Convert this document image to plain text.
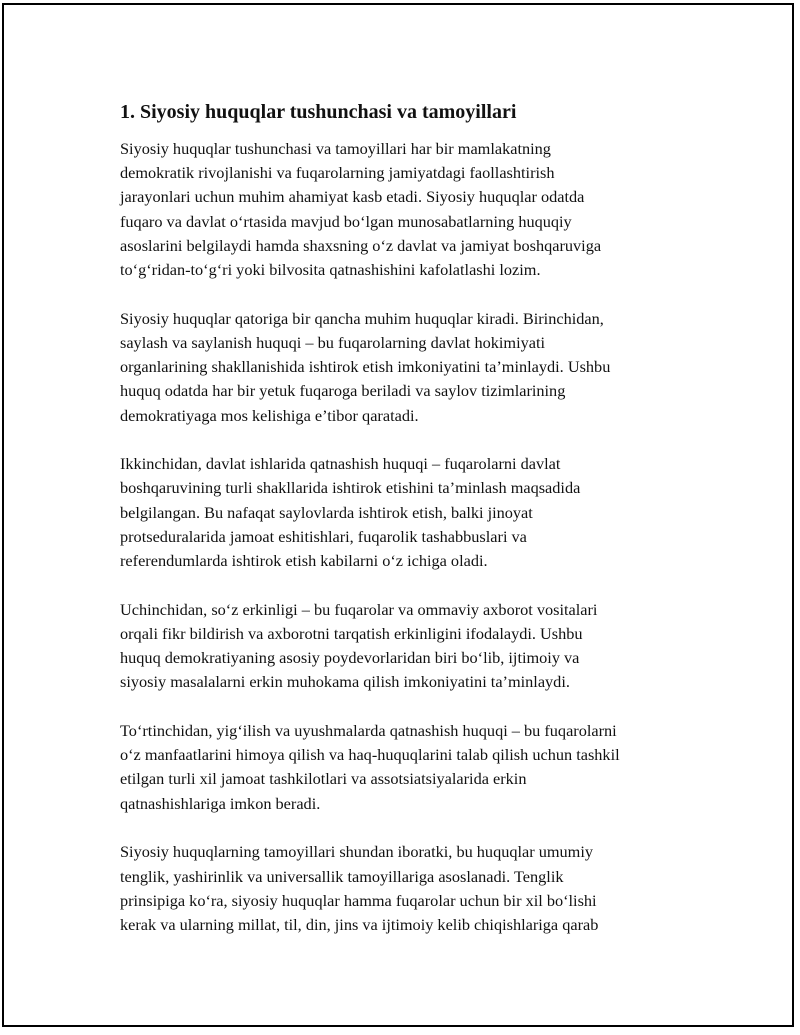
1. Siyosiy huquqlar tushunchasi va tamoyillari

Siyosiy huquqlar tushunchasi va tamoyillari har bir mamlakatning
demokratik rivojlanishi va fuqarolarning jamiyatdagi faollashtirish
jarayonlari uchun muhim ahamiyat kasb etadi. Siyosiy huquqlar odatda
fuqaro va davlat o‘rtasida mavjud bo‘lgan munosabatlarning huquqiy
asoslarini belgilaydi hamda shaxsning o‘z davlat va jamiyat boshqaruviga
to‘g‘ridan-to‘g‘ri yoki bilvosita qatnashishini kafolatlashi lozim.

Siyosiy huquqlar qatoriga bir qancha muhim huquqlar kiradi. Birinchidan,
saylash va saylanish huquqi – bu fuqarolarning davlat hokimiyati
organlarining shakllanishida ishtirok etish imkoniyatini ta’minlaydi. Ushbu
huquq odatda har bir yetuk fuqaroga beriladi va saylov tizimlarining
demokratiyaga mos kelishiga e’tibor qaratadi.

Ikkinchidan, davlat ishlarida qatnashish huquqi – fuqarolarni davlat
boshqaruvining turli shakllarida ishtirok etishini ta’minlash maqsadida
belgilangan. Bu nafaqat saylovlarda ishtirok etish, balki jinoyat
protseduralarida jamoat eshitishlari, fuqarolik tashabbuslari va
referendumlarda ishtirok etish kabilarni o‘z ichiga oladi.

Uchinchidan, so‘z erkinligi – bu fuqarolar va ommaviy axborot vositalari
orqali fikr bildirish va axborotni tarqatish erkinligini ifodalaydi. Ushbu
huquq demokratiyaning asosiy poydevorlaridan biri bo‘lib, ijtimoiy va
siyosiy masalalarni erkin muhokama qilish imkoniyatini ta’minlaydi.

To‘rtinchidan, yig‘ilish va uyushmalarda qatnashish huquqi – bu fuqarolarni
o‘z manfaatlarini himoya qilish va haq-huquqlarini talab qilish uchun tashkil
etilgan turli xil jamoat tashkilotlari va assotsiatsiyalarida erkin
qatnashishlariga imkon beradi.

Siyosiy huquqlarning tamoyillari shundan iboratki, bu huquqlar umumiy
tenglik, yashirinlik va universallik tamoyillariga asoslanadi. Tenglik
prinsipiga ko‘ra, siyosiy huquqlar hamma fuqarolar uchun bir xil bo‘lishi
kerak va ularning millat, til, din, jins va ijtimoiy kelib chiqishlariga qarab
